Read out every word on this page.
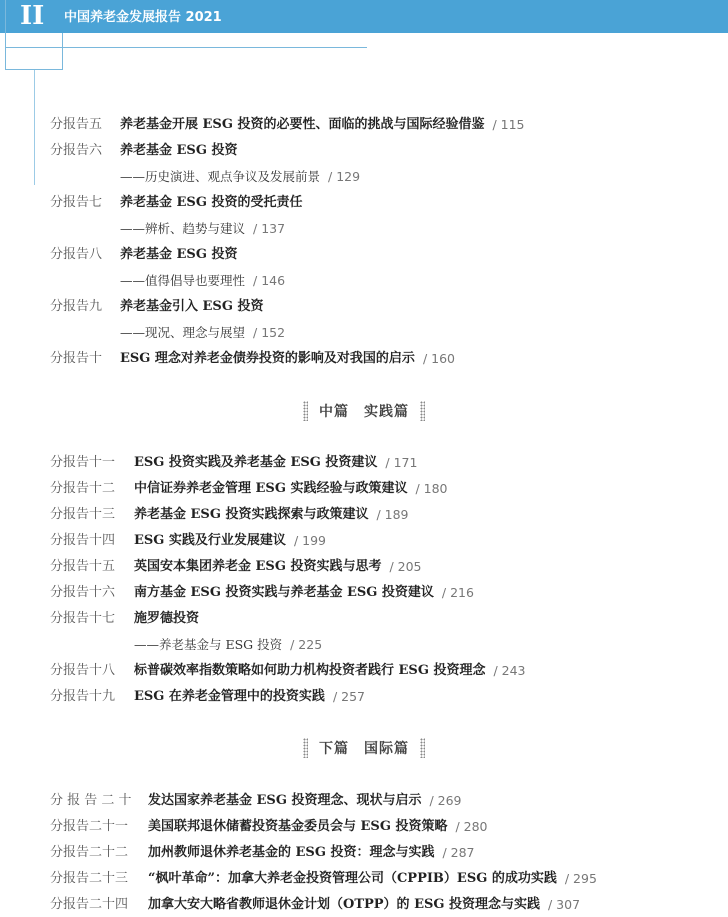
II 中国养老金发展报告 2021
分报告五 养老基金开展 ESG 投资的必要性、面临的挑战与国际经验借鉴 / 115
分报告六 养老基金 ESG 投资
——历史演进、观点争议及发展前景 / 129
分报告七 养老基金 ESG 投资的受托责任
——辨析、趋势与建议 / 137
分报告八 养老基金 ESG 投资
——值得倡导也要理性 / 146
分报告九 养老基金引入 ESG 投资
——现况、理念与展望 / 152
分报告十 ESG 理念对养老金债券投资的影响及对我国的启示 / 160
中篇　实践篇
分报告十一 ESG 投资实践及养老基金 ESG 投资建议 / 171
分报告十二 中信证券养老金管理 ESG 实践经验与政策建议 / 180
分报告十三 养老基金 ESG 投资实践探索与政策建议 / 189
分报告十四 ESG 实践及行业发展建议 / 199
分报告十五 英国安本集团养老金 ESG 投资实践与思考 / 205
分报告十六 南方基金 ESG 投资实践与养老基金 ESG 投资建议 / 216
分报告十七 施罗德投资
——养老基金与 ESG 投资 / 225
分报告十八 标普碳效率指数策略如何助力机构投资者践行 ESG 投资理念 / 243
分报告十九 ESG 在养老金管理中的投资实践 / 257
下篇　国际篇
分 报 告 二 十 发达国家养老基金 ESG 投资理念、现状与启示 / 269
分报告二十一 美国联邦退休储蓄投资基金委员会与 ESG 投资策略 / 280
分报告二十二 加州教师退休养老基金的 ESG 投资：理念与实践 / 287
分报告二十三 “枫叶革命”：加拿大养老金投资管理公司（CPPIB）ESG 的成功实践 / 295
分报告二十四 加拿大安大略省教师退休金计划（OTPP）的 ESG 投资理念与实践 / 307
